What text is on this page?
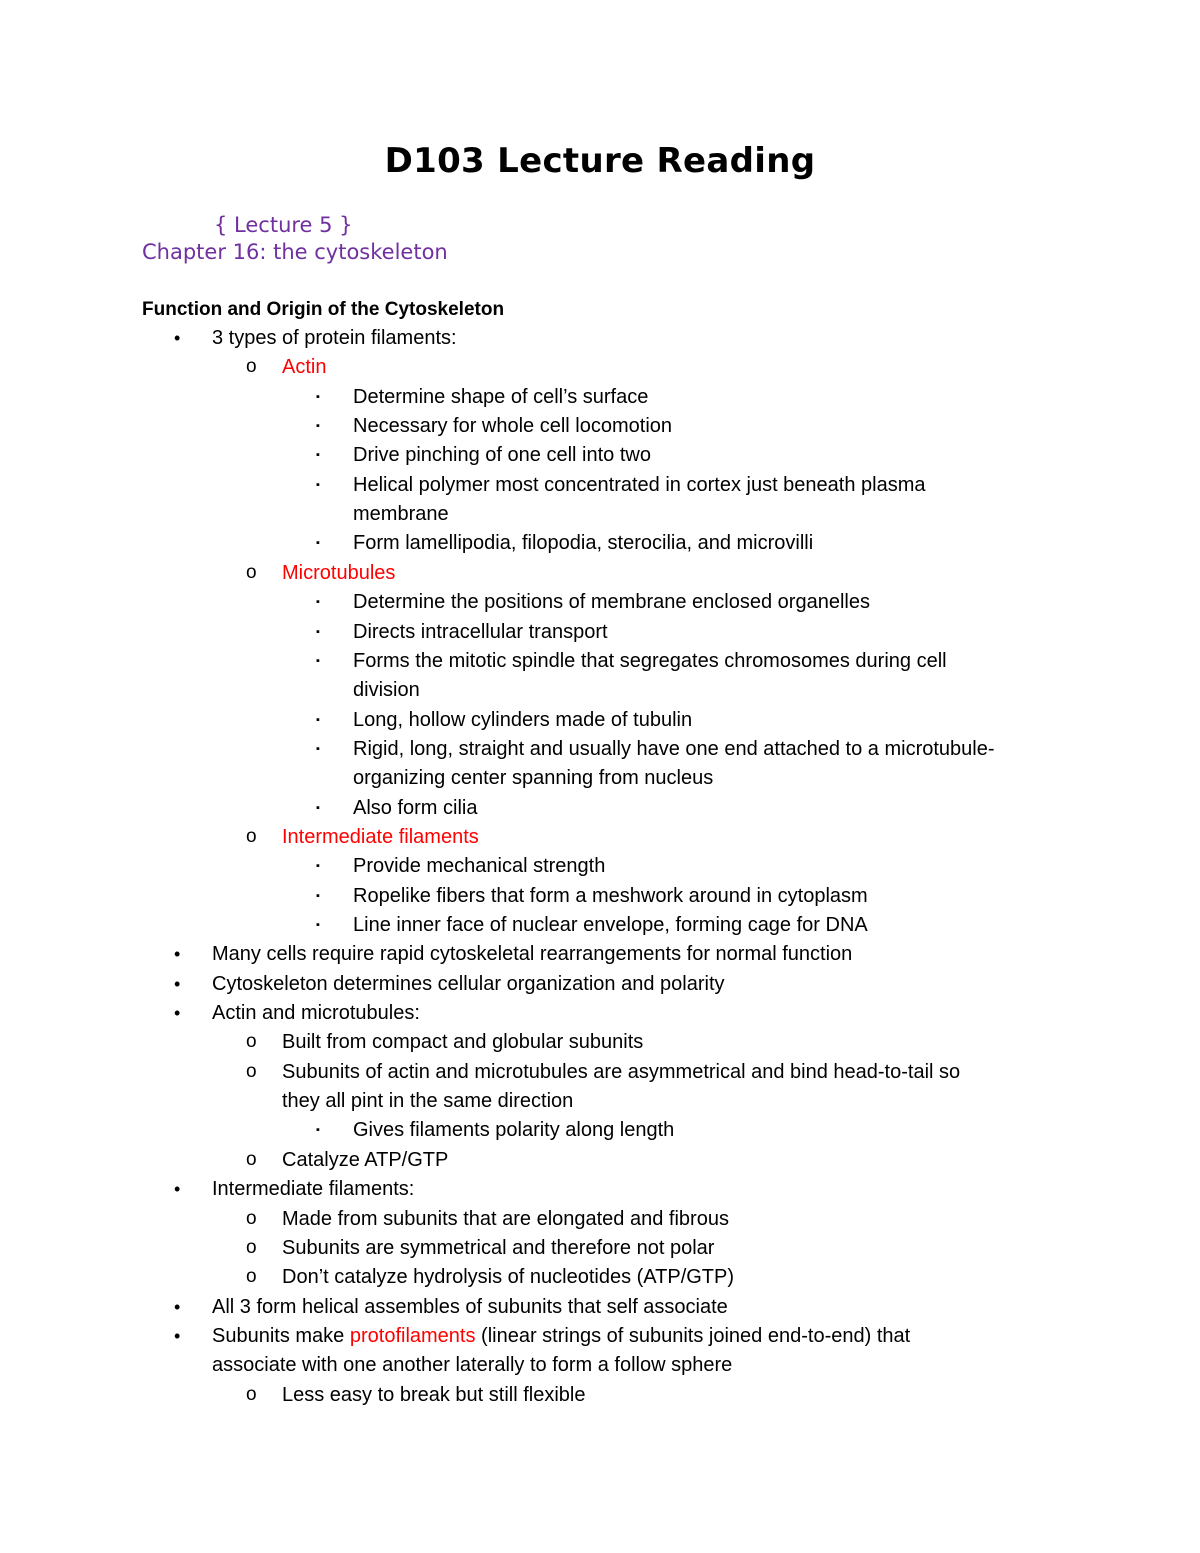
D103 Lecture Reading
{ Lecture 5 }
Chapter 16: the cytoskeleton
Function and Origin of the Cytoskeleton
• 3 types of protein filaments:
o Actin
▪ Determine shape of cell’s surface
▪ Necessary for whole cell locomotion
▪ Drive pinching of one cell into two
▪ Helical polymer most concentrated in cortex just beneath plasma
membrane
▪ Form lamellipodia, filopodia, sterocilia, and microvilli
o Microtubules
▪ Determine the positions of membrane enclosed organelles
▪ Directs intracellular transport
▪ Forms the mitotic spindle that segregates chromosomes during cell
division
▪ Long, hollow cylinders made of tubulin
▪ Rigid, long, straight and usually have one end attached to a microtubule-
organizing center spanning from nucleus
▪ Also form cilia
o Intermediate filaments
▪ Provide mechanical strength
▪ Ropelike fibers that form a meshwork around in cytoplasm
▪ Line inner face of nuclear envelope, forming cage for DNA
• Many cells require rapid cytoskeletal rearrangements for normal function
• Cytoskeleton determines cellular organization and polarity
• Actin and microtubules:
o Built from compact and globular subunits
o Subunits of actin and microtubules are asymmetrical and bind head-to-tail so
they all pint in the same direction
▪ Gives filaments polarity along length
o Catalyze ATP/GTP
• Intermediate filaments:
o Made from subunits that are elongated and fibrous
o Subunits are symmetrical and therefore not polar
o Don’t catalyze hydrolysis of nucleotides (ATP/GTP)
• All 3 form helical assembles of subunits that self associate
• Subunits make protofilaments (linear strings of subunits joined end-to-end) that
associate with one another laterally to form a follow sphere
o Less easy to break but still flexible
